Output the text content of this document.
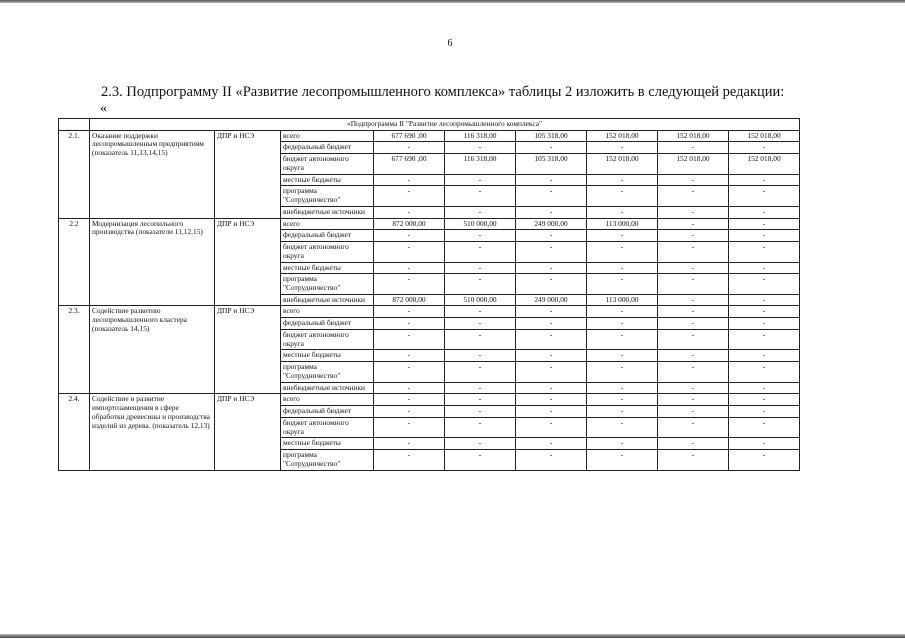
6
2.3. Подпрограмму II «Развитие лесопромышленного комплекса» таблицы 2 изложить в следующей редакции:
«
	«Подпрограмма II "Развитие лесопромышленного комплекса"								
2.1.	Оказание поддержки лесопромышленным предприятиям (показатель 11,13,14,15)	ДПР и НСЭ	всего	677 690 ,00	116 318,00	105 318,00	152 018,00	152 018,00	152 018,00
			федеральный бюджет	-	-	-	-	-	-
			бюджет автономного округа	677 690 ,00	116 318,00	105 318,00	152 018,00	152 018,00	152 018,00
			местные бюджеты	-	-	-	-	-	-
			программа "Сотрудничество"	-	-	-	-	-	-
			внебюджетные источники	-	-	-	-	-	-
2.2	Модернизация лесопильного производства (показатели 11,12,15)	ДПР и НСЭ	всего	872 000,00	510 000,00	249 000,00	113 000,00	-	-
			федеральный бюджет	-	-	-	-	-	-
			бюджет автономного округа	-	-	-	-	-	-
			местные бюджеты	-	-	-	-	-	-
			программа "Сотрудничество"	-	-	-	-	-	-
			внебюджетные источники	872 000,00	510 000,00	249 000,00	113 000,00	-	-
2.3.	Содействие развитию лесопромышленного кластера (показатель 14,15)	ДПР и НСЭ	всего	-	-	-	-	-	-
			федеральный бюджет	-	-	-	-	-	-
			бюджет автономного округа	-	-	-	-	-	-
			местные бюджеты	-	-	-	-	-	-
			программа "Сотрудничество"	-	-	-	-	-	-
			внебюджетные источники	-	-	-	-	-	-
2.4.	Содействие и развитие импортозамещения в сфере обработки древесины и производства изделий из дерева. (показатель 12,13)	ДПР и НСЭ	всего	-	-	-	-	-	-
			федеральный бюджет	-	-	-	-	-	-
			бюджет автономного округа	-	-	-	-	-	-
			местные бюджеты	-	-	-	-	-	-
			программа "Сотрудничество"	-	-	-	-	-	-
